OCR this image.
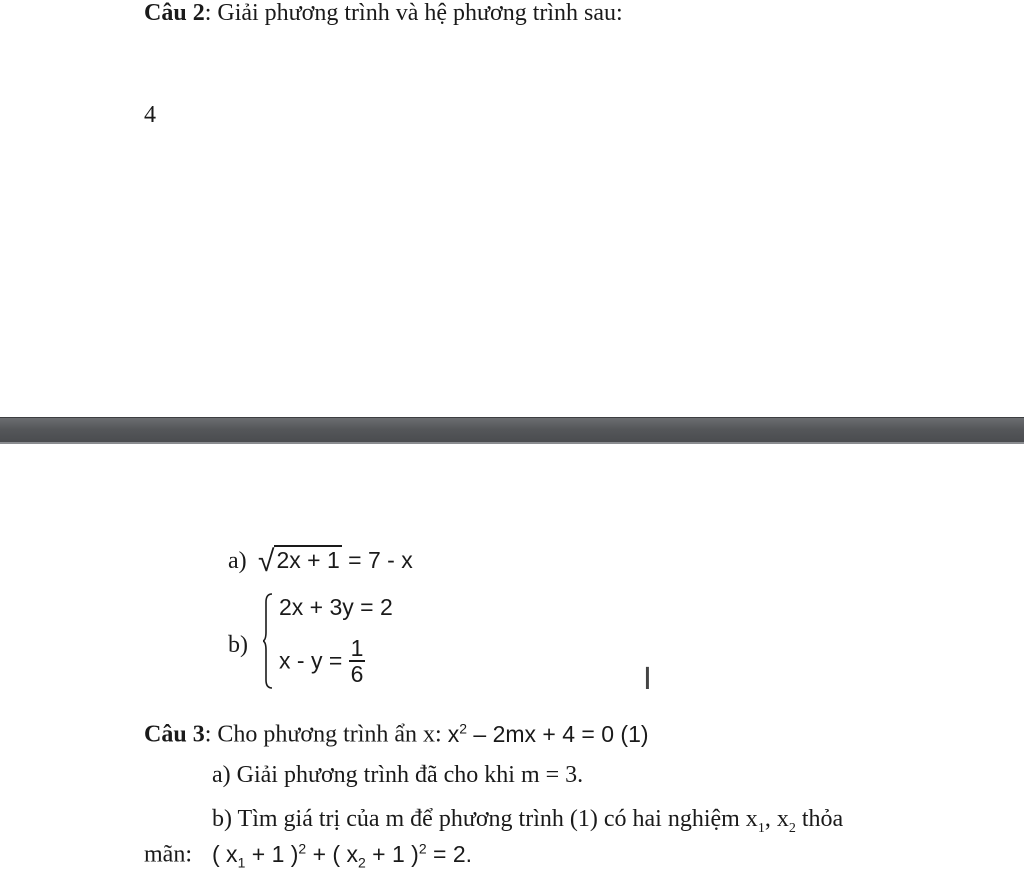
Câu 2: Giải phương trình và hệ phương trình sau:
4
a) √2x + 1 = 7 - x
b)
2x + 3y = 2
$x - y = \frac{1}{6}$	I
Câu 3: Cho phương trình ẩn x: $x^2 - 2mx + 4 = 0$ (1)
a) Giải phương trình đã cho khi m = 3.
b) Tìm giá trị của m để phương trình (1) có hai nghiệm $x_1$, $x_2$ thỏa
mãn: ( $x_1 + 1$ )$^2$ + ( $x_2 + 1$ )$^2$ = 2.
